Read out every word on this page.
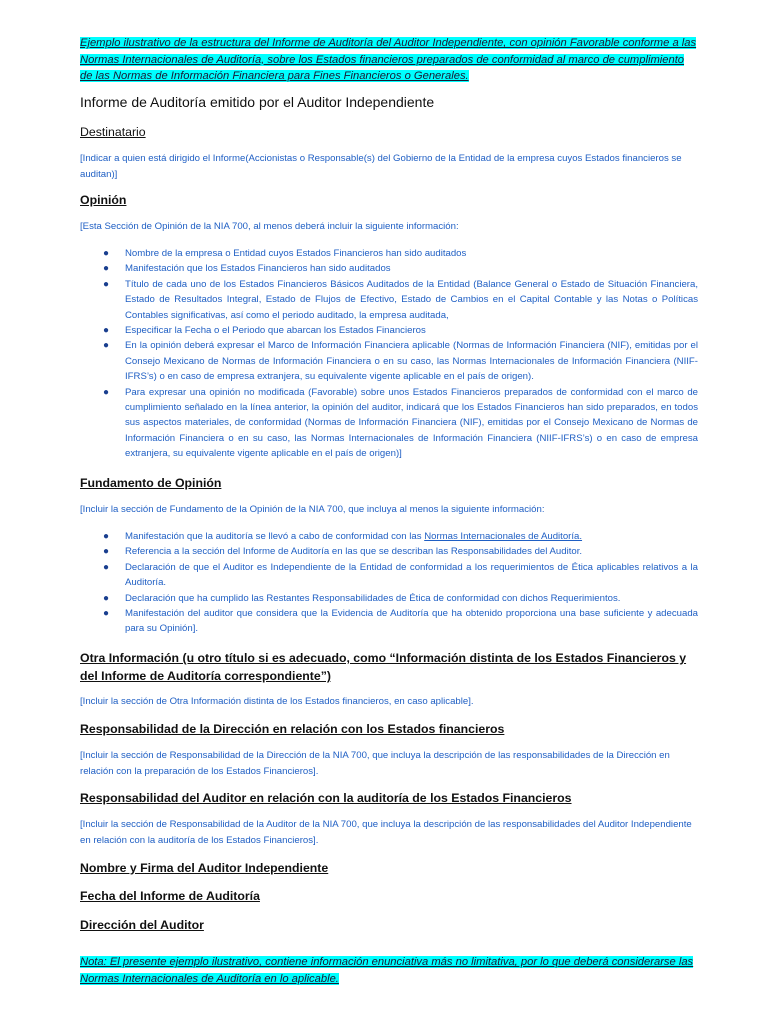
Ejemplo ilustrativo de la estructura del Informe de Auditoría del Auditor Independiente, con opinión Favorable conforme a las Normas Internacionales de Auditoría, sobre los Estados financieros preparados de conformidad al marco de cumplimiento de las Normas de Información Financiera para Fines Financieros o Generales.
Informe de Auditoría emitido por el Auditor Independiente
Destinatario

[Indicar a quien está dirigido el Informe(Accionistas o Responsable(s) del Gobierno de la Entidad de la empresa cuyos Estados financieros se auditan)]

Opinión

[Esta Sección de Opinión de la NIA 700, al menos deberá incluir la siguiente información:

● Nombre de la empresa o Entidad cuyos Estados Financieros han sido auditados
● Manifestación que los Estados Financieros han sido auditados
● Título de cada uno de los Estados Financieros Básicos Auditados de la Entidad (Balance General o Estado de Situación Financiera, Estado de Resultados Integral, Estado de Flujos de Efectivo, Estado de Cambios en el Capital Contable y las Notas o Políticas Contables significativas, así como el periodo auditado, la empresa auditada,
● Especificar la Fecha o el Periodo que abarcan los Estados Financieros
● En la opinión deberá expresar el Marco de Información Financiera aplicable (Normas de Información Financiera (NIF), emitidas por el Consejo Mexicano de Normas de Información Financiera o en su caso, las Normas Internacionales de Información Financiera (NIIF-IFRS’s) o en caso de empresa extranjera, su equivalente vigente aplicable en el país de origen).
● Para expresar una opinión no modificada (Favorable) sobre unos Estados Financieros preparados de conformidad con el marco de cumplimiento señalado en la línea anterior, la opinión del auditor, indicará que los Estados Financieros han sido preparados, en todos sus aspectos materiales, de conformidad (Normas de Información Financiera (NIF), emitidas por el Consejo Mexicano de Normas de Información Financiera o en su caso, las Normas Internacionales de Información Financiera (NIIF-IFRS’s) o en caso de empresa extranjera, su equivalente vigente aplicable en el país de origen)]
Fundamento de Opinión

[Incluir la sección de Fundamento de la Opinión de la NIA 700, que incluya al menos la siguiente información:

● Manifestación que la auditoría se llevó a cabo de conformidad con las Normas Internacionales de Auditoría.
● Referencia a la sección del Informe de Auditoría en las que se describan las Responsabilidades del Auditor.
● Declaración de que el Auditor es Independiente de la Entidad de conformidad a los requerimientos de Ética aplicables relativos a la Auditoría.
● Declaración que ha cumplido las Restantes Responsabilidades de Ética de conformidad con dichos Requerimientos.
● Manifestación del auditor que considera que la Evidencia de Auditoría que ha obtenido proporciona una base suficiente y adecuada para su Opinión].
Otra Información (u otro título si es adecuado, como “Información distinta de los Estados Financieros y del Informe de Auditoría correspondiente”)

[Incluir la sección de Otra Información distinta de los Estados financieros, en caso aplicable].

Responsabilidad de la Dirección en relación con los Estados financieros

[Incluir la sección de Responsabilidad de la Dirección de la NIA 700, que incluya la descripción de las responsabilidades de la Dirección en relación con la preparación de los Estados Financieros].

Responsabilidad del Auditor en relación con la auditoría de los Estados Financieros

[Incluir la sección de Responsabilidad de la Auditor de la NIA 700, que incluya la descripción de las responsabilidades del Auditor Independiente en relación con la auditoría de los Estados Financieros].

Nombre y Firma del Auditor Independiente
Fecha del Informe de Auditoría
Dirección del Auditor
Nota: El presente ejemplo ilustrativo, contiene información enunciativa más no limitativa, por lo que deberá considerarse las Normas Internacionales de Auditoría en lo aplicable.
